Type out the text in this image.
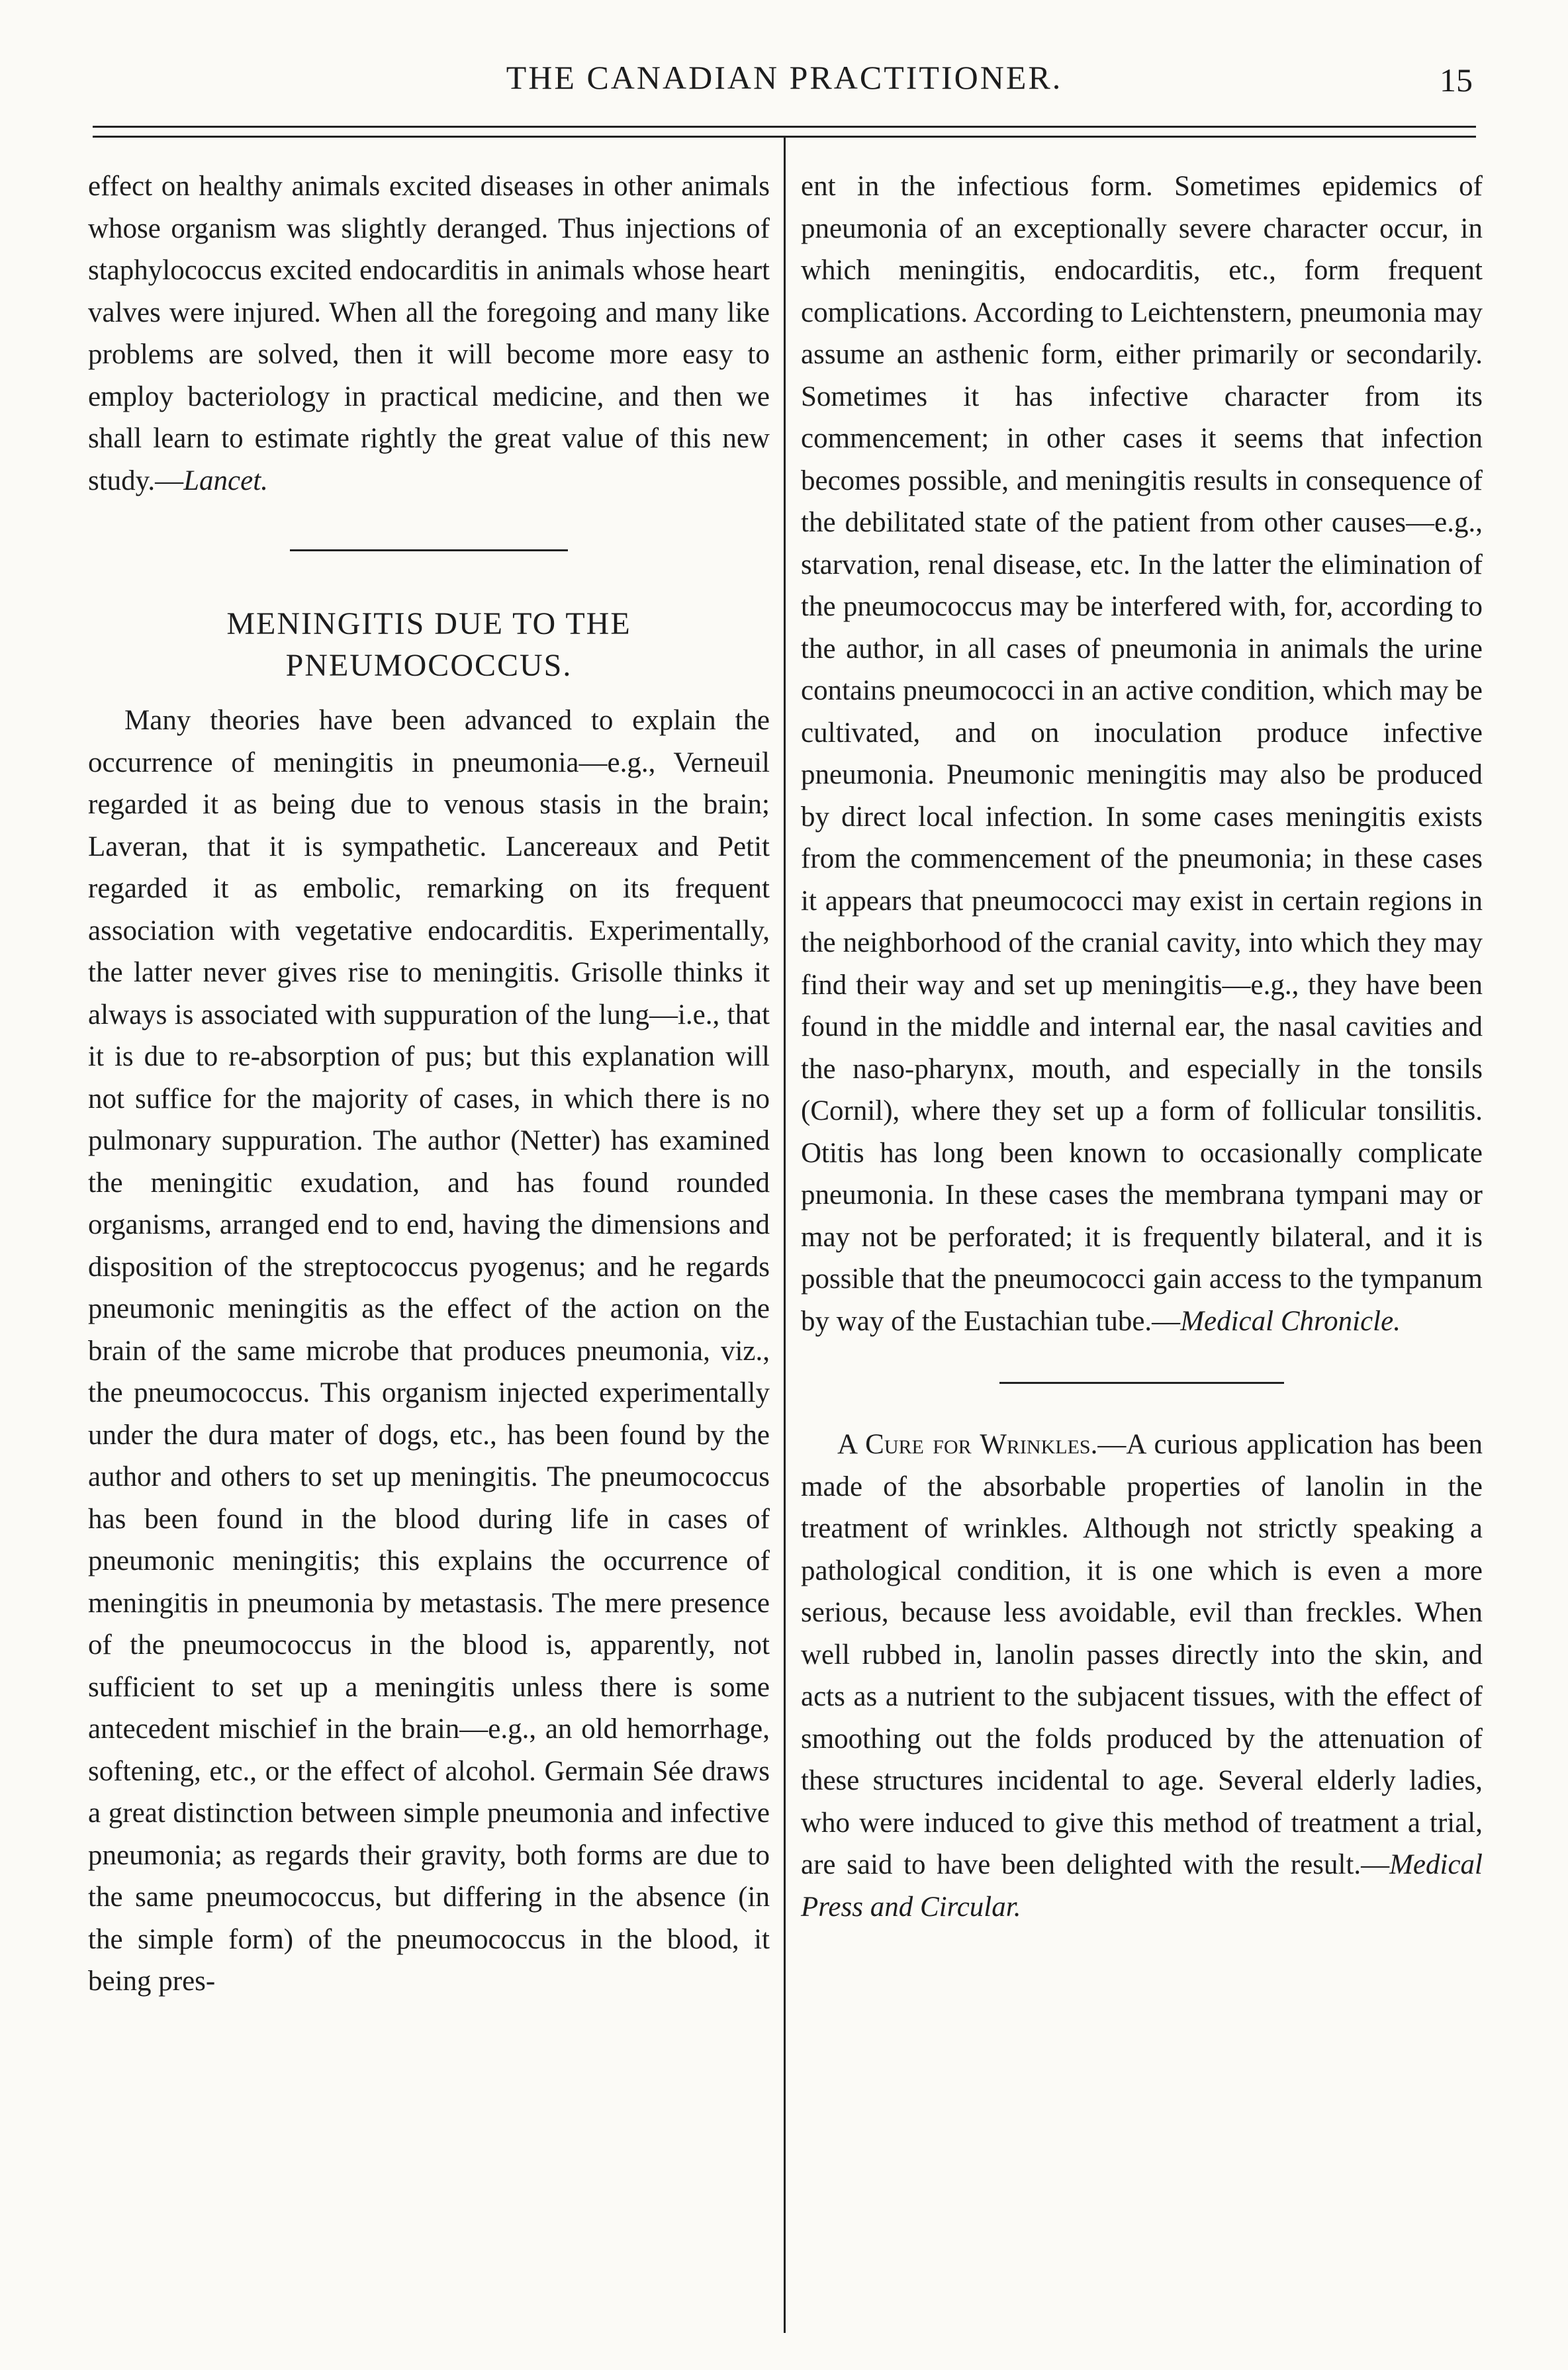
THE CANADIAN PRACTITIONER.	15

effect on healthy animals excited diseases in other animals whose organism was slightly deranged. Thus injections of staphylococcus excited endocarditis in animals whose heart valves were injured. When all the foregoing and many like problems are solved, then it will become more easy to employ bacteriology in practical medicine, and then we shall learn to estimate rightly the great value of this new study.—Lancet.

MENINGITIS DUE TO THE PNEUMOCOCCUS.

Many theories have been advanced to explain the occurrence of meningitis in pneumonia—e.g., Verneuil regarded it as being due to venous stasis in the brain; Laveran, that it is sympathetic. Lancereaux and Petit regarded it as embolic, remarking on its frequent association with vegetative endocarditis. Experimentally, the latter never gives rise to meningitis. Grisolle thinks it always is associated with suppuration of the lung—i.e., that it is due to re-absorption of pus; but this explanation will not suffice for the majority of cases, in which there is no pulmonary suppuration. The author (Netter) has examined the meningitic exudation, and has found rounded organisms, arranged end to end, having the dimensions and disposition of the streptococcus pyogenus; and he regards pneumonic meningitis as the effect of the action on the brain of the same microbe that produces pneumonia, viz., the pneumococcus. This organism injected experimentally under the dura mater of dogs, etc., has been found by the author and others to set up meningitis. The pneumococcus has been found in the blood during life in cases of pneumonic meningitis; this explains the occurrence of meningitis in pneumonia by metastasis. The mere presence of the pneumococcus in the blood is, apparently, not sufficient to set up a meningitis unless there is some antecedent mischief in the brain—e.g., an old hemorrhage, softening, etc., or the effect of alcohol. Germain Sée draws a great distinction between simple pneumonia and infective pneumonia; as regards their gravity, both forms are due to the same pneumococcus, but differing in the absence (in the simple form) of the pneumococcus in the blood, it being pres-

ent in the infectious form. Sometimes epidemics of pneumonia of an exceptionally severe character occur, in which meningitis, endocarditis, etc., form frequent complications. According to Leichtenstern, pneumonia may assume an asthenic form, either primarily or secondarily. Sometimes it has infective character from its commencement; in other cases it seems that infection becomes possible, and meningitis results in consequence of the debilitated state of the patient from other causes—e.g., starvation, renal disease, etc. In the latter the elimination of the pneumococcus may be interfered with, for, according to the author, in all cases of pneumonia in animals the urine contains pneumococci in an active condition, which may be cultivated, and on inoculation produce infective pneumonia. Pneumonic meningitis may also be produced by direct local infection. In some cases meningitis exists from the commencement of the pneumonia; in these cases it appears that pneumococci may exist in certain regions in the neighborhood of the cranial cavity, into which they may find their way and set up meningitis—e.g., they have been found in the middle and internal ear, the nasal cavities and the naso-pharynx, mouth, and especially in the tonsils (Cornil), where they set up a form of follicular tonsilitis. Otitis has long been known to occasionally complicate pneumonia. In these cases the membrana tympani may or may not be perforated; it is frequently bilateral, and it is possible that the pneumococci gain access to the tympanum by way of the Eustachian tube.—Medical Chronicle.

A Cure for Wrinkles.—A curious application has been made of the absorbable properties of lanolin in the treatment of wrinkles. Although not strictly speaking a pathological condition, it is one which is even a more serious, because less avoidable, evil than freckles. When well rubbed in, lanolin passes directly into the skin, and acts as a nutrient to the subjacent tissues, with the effect of smoothing out the folds produced by the attenuation of these structures incidental to age. Several elderly ladies, who were induced to give this method of treatment a trial, are said to have been delighted with the result.—Medical Press and Circular.
